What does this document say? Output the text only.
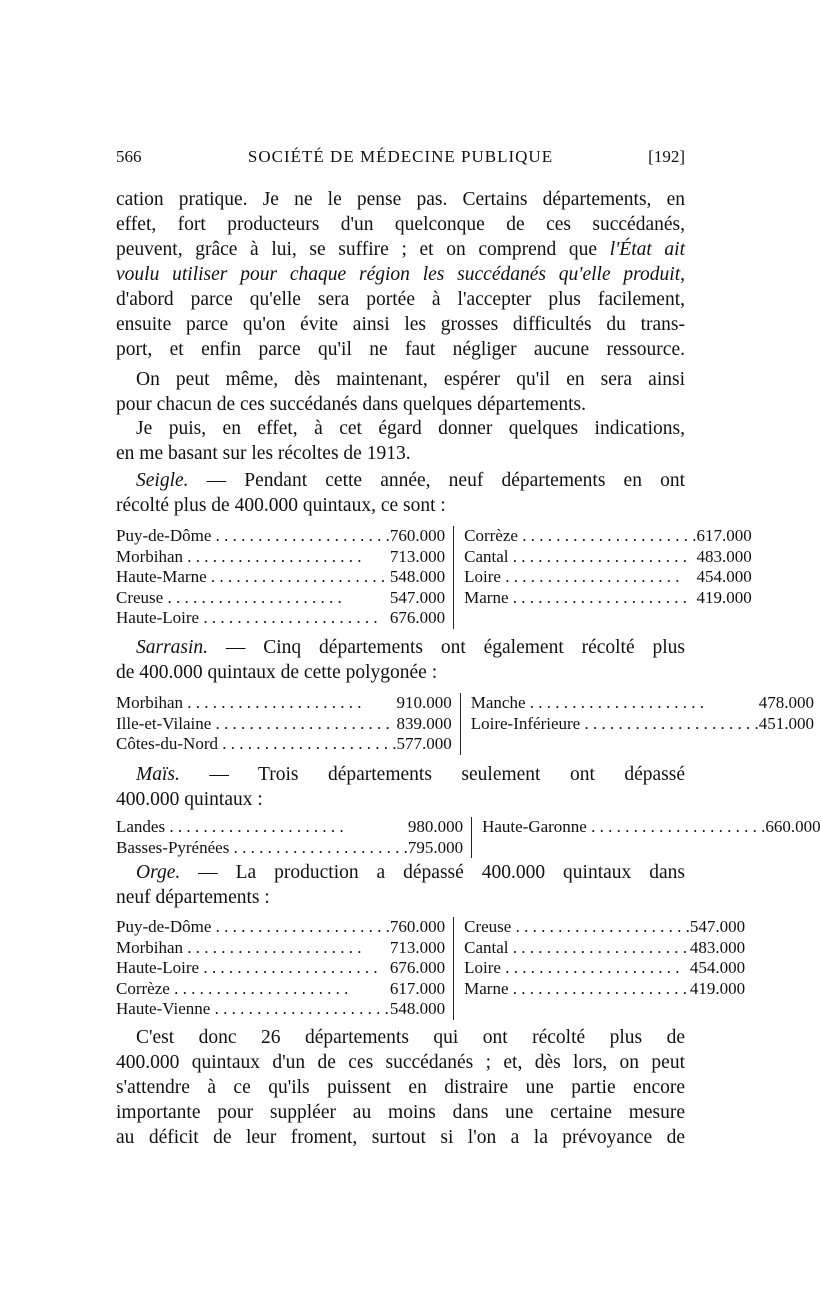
566	SOCIÉTÉ DE MÉDECINE PUBLIQUE	[192]
cation pratique. Je ne le pense pas. Certains départements, en
effet, fort producteurs d'un quelconque de ces succédanés,
peuvent, grâce à lui, se suffire ; et on comprend que l'État ait
voulu utiliser pour chaque région les succédanés qu'elle produit,
d'abord parce qu'elle sera portée à l'accepter plus facilement,
ensuite parce qu'on évite ainsi les grosses difficultés du trans-
port, et enfin parce qu'il ne faut négliger aucune ressource.
On peut même, dès maintenant, espérer qu'il en sera ainsi
pour chacun de ces succédanés dans quelques départements.
Je puis, en effet, à cet égard donner quelques indications,
en me basant sur les récoltes de 1913.
Seigle. — Pendant cette année, neuf départements en ont
récolté plus de 400.000 quintaux, ce sont :
Puy-de-Dôme . . .	760.000		Corrèze . . .	617.000
Morbihan . . .	713.000		Cantal . . .	483.000
Haute-Marne . . .	548.000		Loire . . .	454.000
Creuse . . .	547.000		Marne . . .	419.000
Haute-Loire . . .	676.000			
Sarrasin. — Cinq départements ont également récolté plus
de 400.000 quintaux de cette polygonée :
Morbihan . . .	910.000		Manche . . .	478.000
Ille-et-Vilaine . . .	839.000		Loire-Inférieure . . .	451.000
Côtes-du-Nord . . .	577.000			
Maïs. — Trois départements seulement ont dépassé
400.000 quintaux :
Landes . . .	980.000		Haute-Garonne . . .	660.000
Basses-Pyrénées . . .	795.000			
Orge. — La production a dépassé 400.000 quintaux dans
neuf départements :
Puy-de-Dôme . . .	760.000		Creuse . . .	547.000
Morbihan . . .	713.000		Cantal . . .	483.000
Haute-Loire . . .	676.000		Loire . . .	454.000
Corrèze . . .	617.000		Marne . . .	419.000
Haute-Vienne . . .	548.000			
C'est donc 26 départements qui ont récolté plus de
400.000 quintaux d'un de ces succédanés ; et, dès lors, on peut
s'attendre à ce qu'ils puissent en distraire une partie encore
importante pour suppléer au moins dans une certaine mesure
au déficit de leur froment, surtout si l'on a la prévoyance de
